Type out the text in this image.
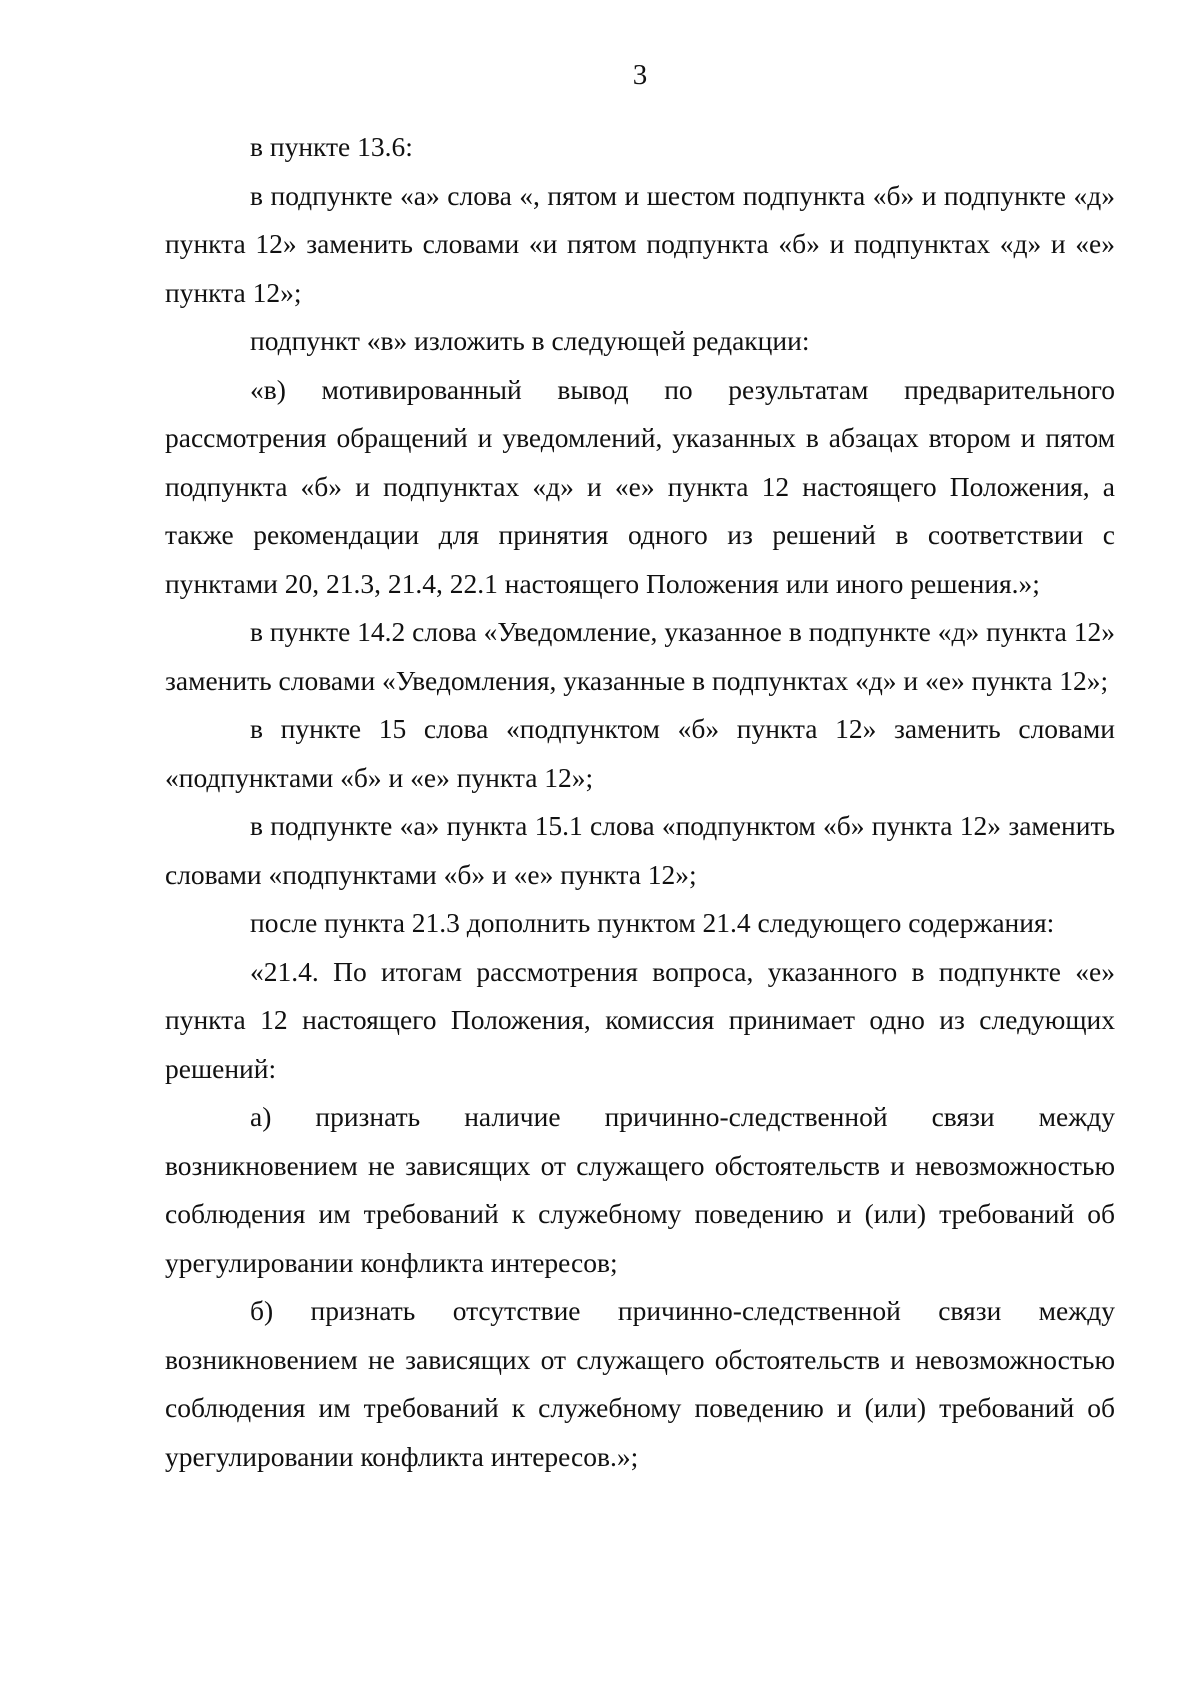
3

в пункте 13.6:

в подпункте «а» слова «, пятом и шестом подпункта «б» и подпункте «д» пункта 12» заменить словами «и пятом подпункта «б» и подпунктах «д» и «е» пункта 12»;

подпункт «в» изложить в следующей редакции:

«в) мотивированный вывод по результатам предварительного рассмотрения обращений и уведомлений, указанных в абзацах втором и пятом подпункта «б» и подпунктах «д» и «е» пункта 12 настоящего Положения, а также рекомендации для принятия одного из решений в соответствии с пунктами 20, 21.3, 21.4, 22.1 настоящего Положения или иного решения.»;

в пункте 14.2 слова «Уведомление, указанное в подпункте «д» пункта 12» заменить словами «Уведомления, указанные в подпунктах «д» и «е» пункта 12»;

в пункте 15 слова «подпунктом «б» пункта 12» заменить словами «подпунктами «б» и «е» пункта 12»;

в подпункте «а» пункта 15.1 слова «подпунктом «б» пункта 12» заменить словами «подпунктами «б» и «е» пункта 12»;

после пункта 21.3 дополнить пунктом 21.4 следующего содержания:

«21.4. По итогам рассмотрения вопроса, указанного в подпункте «е» пункта 12 настоящего Положения, комиссия принимает одно из следующих решений:

а) признать наличие причинно-следственной связи между возникновением не зависящих от служащего обстоятельств и невозможностью соблюдения им требований к служебному поведению и (или) требований об урегулировании конфликта интересов;

б) признать отсутствие причинно-следственной связи между возникновением не зависящих от служащего обстоятельств и невозможностью соблюдения им требований к служебному поведению и (или) требований об урегулировании конфликта интересов.»;
